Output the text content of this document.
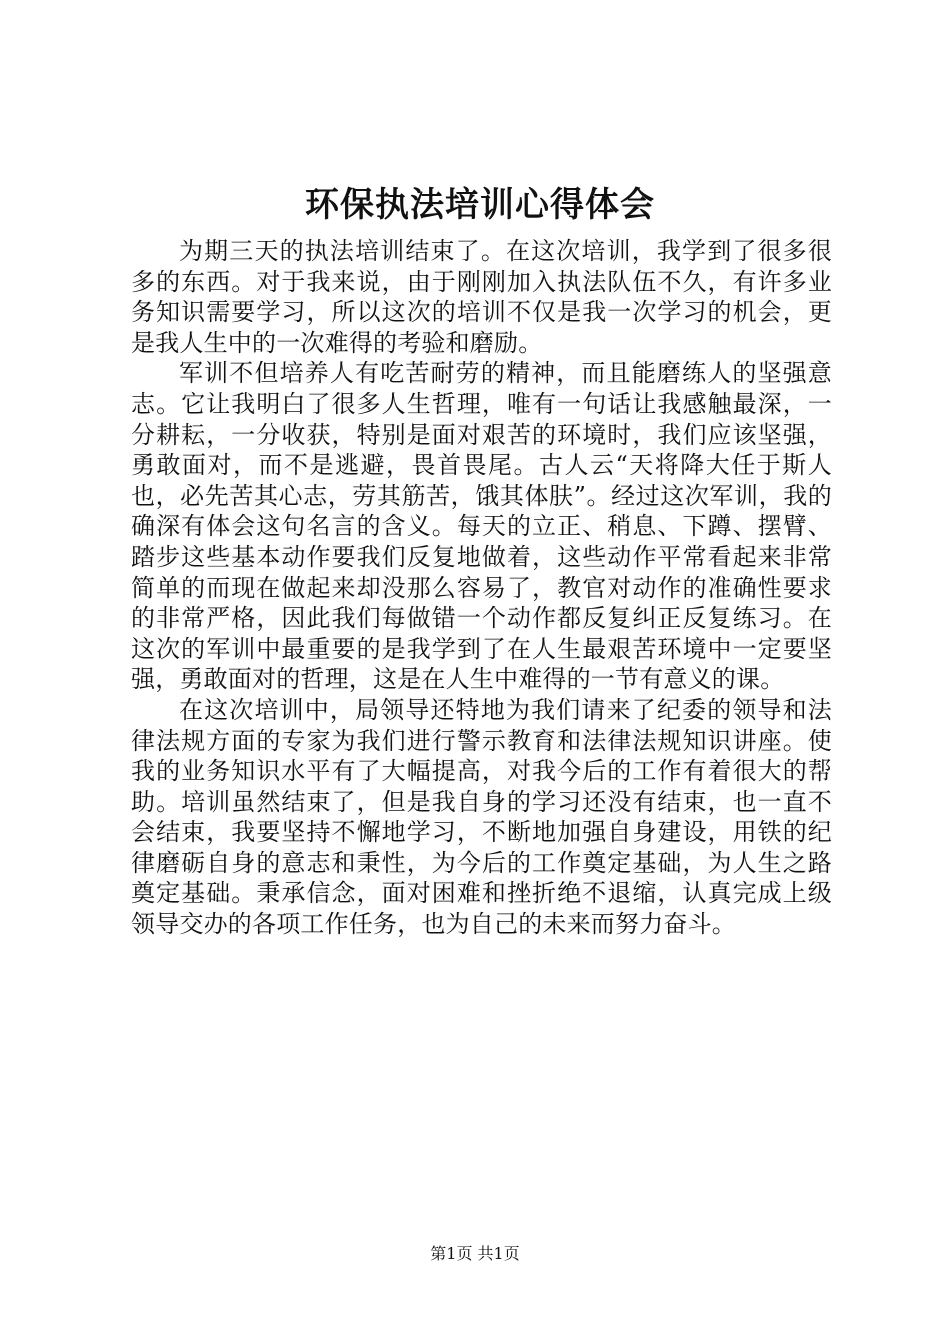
环保执法培训心得体会

为期三天的执法培训结束了。在这次培训，我学到了很多很多的东西。对于我来说，由于刚刚加入执法队伍不久，有许多业务知识需要学习，所以这次的培训不仅是我一次学习的机会，更是我人生中的一次难得的考验和磨励。

军训不但培养人有吃苦耐劳的精神，而且能磨练人的坚强意志。它让我明白了很多人生哲理，唯有一句话让我感触最深，一分耕耘，一分收获，特别是面对艰苦的环境时，我们应该坚强，勇敢面对，而不是逃避，畏首畏尾。古人云“天将降大任于斯人也，必先苦其心志，劳其筋苦，饿其体肤”。经过这次军训，我的确深有体会这句名言的含义。每天的立正、稍息、下蹲、摆臂、踏步这些基本动作要我们反复地做着，这些动作平常看起来非常简单的而现在做起来却没那么容易了，教官对动作的准确性要求的非常严格，因此我们每做错一个动作都反复纠正反复练习。在这次的军训中最重要的是我学到了在人生最艰苦环境中一定要坚强，勇敢面对的哲理，这是在人生中难得的一节有意义的课。

在这次培训中，局领导还特地为我们请来了纪委的领导和法律法规方面的专家为我们进行警示教育和法律法规知识讲座。使我的业务知识水平有了大幅提高，对我今后的工作有着很大的帮助。培训虽然结束了，但是我自身的学习还没有结束，也一直不会结束，我要坚持不懈地学习，不断地加强自身建设，用铁的纪律磨砺自身的意志和秉性，为今后的工作奠定基础，为人生之路奠定基础。秉承信念，面对困难和挫折绝不退缩，认真完成上级领导交办的各项工作任务，也为自己的未来而努力奋斗。

第1页 共1页
